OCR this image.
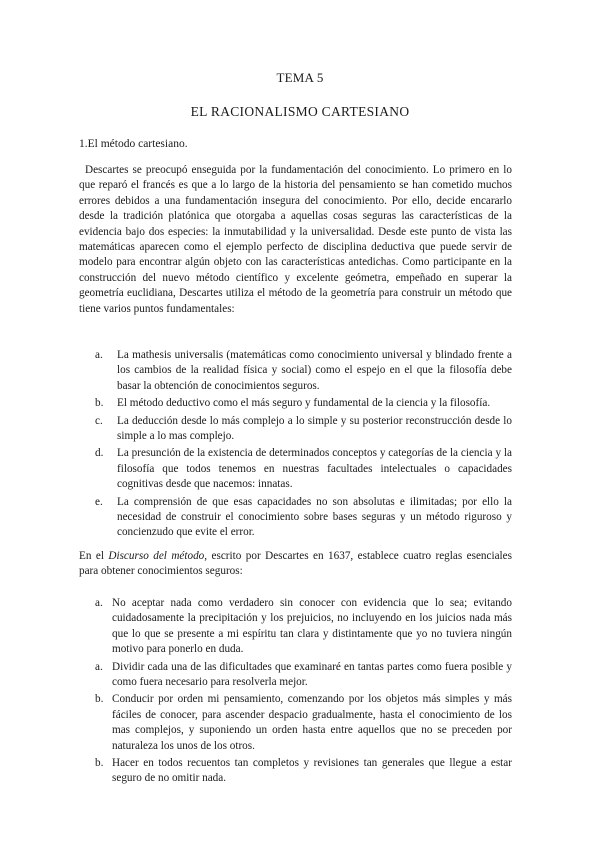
TEMA 5
EL RACIONALISMO CARTESIANO
1.El método cartesiano.

Descartes se preocupó enseguida por la fundamentación del conocimiento. Lo primero en lo que reparó el francés es que a lo largo de la historia del pensamiento se han cometido muchos errores debidos a una fundamentación insegura del conocimiento. Por ello, decide encararlo desde la tradición platónica que otorgaba a aquellas cosas seguras las características de la evidencia bajo dos especies: la inmutabilidad y la universalidad. Desde este punto de vista las matemáticas aparecen como el ejemplo perfecto de disciplina deductiva que puede servir de modelo para encontrar algún objeto con las características antedichas. Como participante en la construcción del nuevo método científico y excelente geómetra, empeñado en superar la geometría euclidiana, Descartes utiliza el método de la geometría para construir un método que tiene varios puntos fundamentales:

a. La mathesis universalis (matemáticas como conocimiento universal y blindado frente a los cambios de la realidad física y social) como el espejo en el que la filosofía debe basar la obtención de conocimientos seguros.
b. El método deductivo como el más seguro y fundamental de la ciencia y la filosofía.
c. La deducción desde lo más complejo a lo simple y su posterior reconstrucción desde lo simple a lo mas complejo.
d. La presunción de la existencia de determinados conceptos y categorías de la ciencia y la filosofía que todos tenemos en nuestras facultades intelectuales o capacidades cognitivas desde que nacemos: innatas.
e. La comprensión de que esas capacidades no son absolutas e ilimitadas; por ello la necesidad de construir el conocimiento sobre bases seguras y un método riguroso y concienzudo que evite el error.

En el Discurso del método, escrito por Descartes en 1637, establece cuatro reglas esenciales para obtener conocimientos seguros:

a. No aceptar nada como verdadero sin conocer con evidencia que lo sea; evitando cuidadosamente la precipitación y los prejuicios, no incluyendo en los juicios nada más que lo que se presente a mi espíritu tan clara y distintamente que yo no tuviera ningún motivo para ponerlo en duda.
a. Dividir cada una de las dificultades que examinaré en tantas partes como fuera posible y como fuera necesario para resolverla mejor.
b. Conducir por orden mi pensamiento, comenzando por los objetos más simples y más fáciles de conocer, para ascender despacio gradualmente, hasta el conocimiento de los mas complejos, y suponiendo un orden hasta entre aquellos que no se preceden por naturaleza los unos de los otros.
b. Hacer en todos recuentos tan completos y revisiones tan generales que llegue a estar seguro de no omitir nada.
